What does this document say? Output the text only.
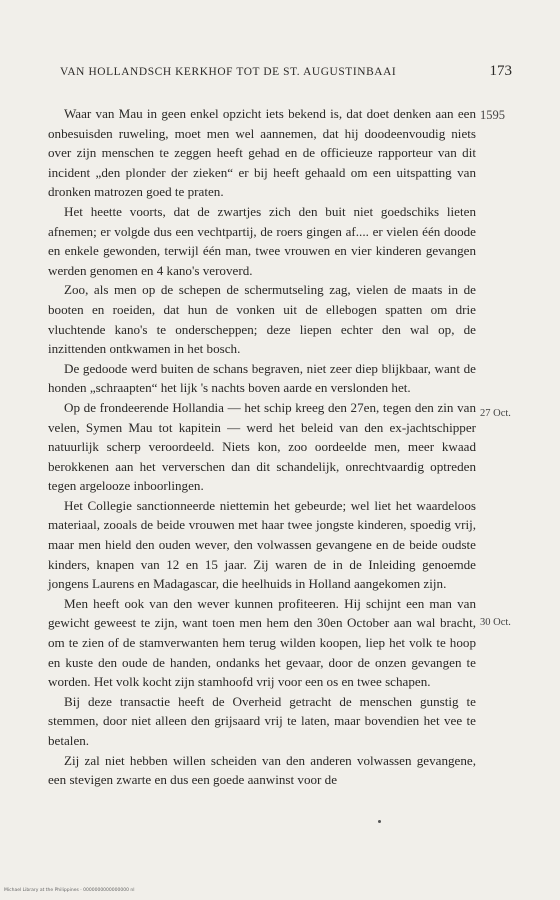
VAN HOLLANDSCH KERKHOF TOT DE ST. AUGUSTINBAAI	173

Waar van Mau in geen enkel opzicht iets bekend is, dat doet denken aan een onbesuisden ruweling, moet men wel aannemen, dat hij doodeenvoudig niets over zijn menschen te zeggen heeft gehad en de officieuze rapporteur van dit incident „den plonder der zieken“ er bij heeft gehaald om een uitspatting van dronken matrozen goed te praten.

Het heette voorts, dat de zwartjes zich den buit niet goedschiks lieten afnemen; er volgde dus een vechtpartij, de roers gingen af.... er vielen één doode en enkele gewonden, terwijl één man, twee vrouwen en vier kinderen gevangen werden genomen en 4 kano's veroverd.

Zoo, als men op de schepen de schermutseling zag, vielen de maats in de booten en roeiden, dat hun de vonken uit de ellebogen spatten om drie vluchtende kano's te onderscheppen; deze liepen echter den wal op, de inzittenden ontkwamen in het bosch.

De gedoode werd buiten de schans begraven, niet zeer diep blijkbaar, want de honden „schraapten“ het lijk 's nachts boven aarde en verslonden het.

Op de frondeerende Hollandia — het schip kreeg den 27en, tegen den zin van velen, Symen Mau tot kapitein — werd het beleid van den ex-jachtschipper natuurlijk scherp veroordeeld. Niets kon, zoo oordeelde men, meer kwaad berokkenen aan het ververschen dan dit schandelijk, onrechtvaardig optreden tegen argelooze inboorlingen.

Het Collegie sanctionneerde niettemin het gebeurde; wel liet het waardeloos materiaal, zooals de beide vrouwen met haar twee jongste kinderen, spoedig vrij, maar men hield den ouden wever, den volwassen gevangene en de beide oudste kinders, knapen van 12 en 15 jaar. Zij waren de in de Inleiding genoemde jongens Laurens en Madagascar, die heelhuids in Holland aangekomen zijn.

Men heeft ook van den wever kunnen profiteeren. Hij schijnt een man van gewicht geweest te zijn, want toen men hem den 30en October aan wal bracht, om te zien of de stamverwanten hem terug wilden koopen, liep het volk te hoop en kuste den oude de handen, ondanks het gevaar, door de onzen gevangen te worden. Het volk kocht zijn stamhoofd vrij voor een os en twee schapen.

Bij deze transactie heeft de Overheid getracht de menschen gunstig te stemmen, door niet alleen den grijsaard vrij te laten, maar bovendien het vee te betalen.

Zij zal niet hebben willen scheiden van den anderen volwassen gevangene, een stevigen zwarte en dus een goede aanwinst voor de

1595
27 Oct.
30 Oct.
Michael Library at the Philippines · 0000000000000000 nl
